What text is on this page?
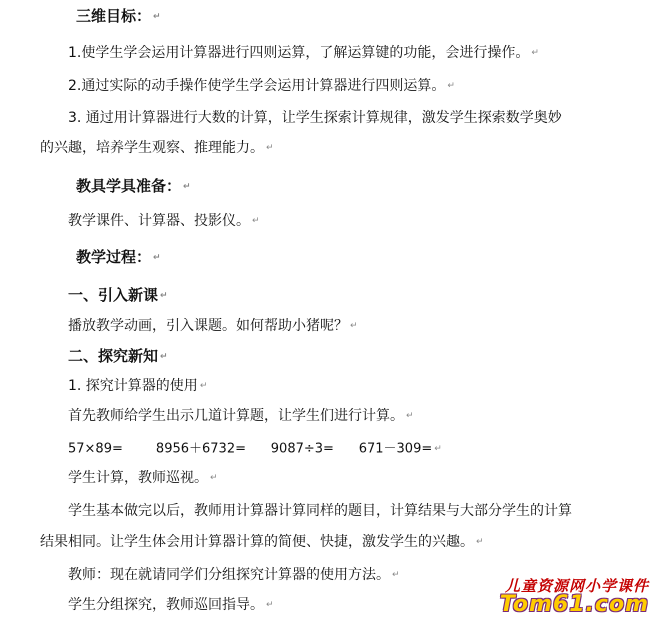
三维目标： ↵
1.使学生学会运用计算器进行四则运算，了解运算键的功能，会进行操作。 ↵
2.通过实际的动手操作使学生学会运用计算器进行四则运算。 ↵
3. 通过用计算器进行大数的计算，让学生探索计算规律，激发学生探索数学奥妙
的兴趣，培养学生观察、推理能力。 ↵
教具学具准备： ↵
教学课件、计算器、投影仪。 ↵
教学过程： ↵
一、引入新课 ↵
播放教学动画，引入课题。如何帮助小猪呢？ ↵
二、探究新知 ↵
1. 探究计算器的使用 ↵
首先教师给学生出示几道计算题，让学生们进行计算。 ↵
57×89=        8956＋6732=      9087÷3=      671－309= ↵
学生计算，教师巡视。 ↵
学生基本做完以后，教师用计算器计算同样的题目，计算结果与大部分学生的计算
结果相同。让学生体会用计算器计算的简便、快捷，激发学生的兴趣。 ↵
教师：现在就请同学们分组探究计算器的使用方法。 ↵
学生分组探究，教师巡回指导。 ↵
儿童资源网小学课件
Tom61.com
